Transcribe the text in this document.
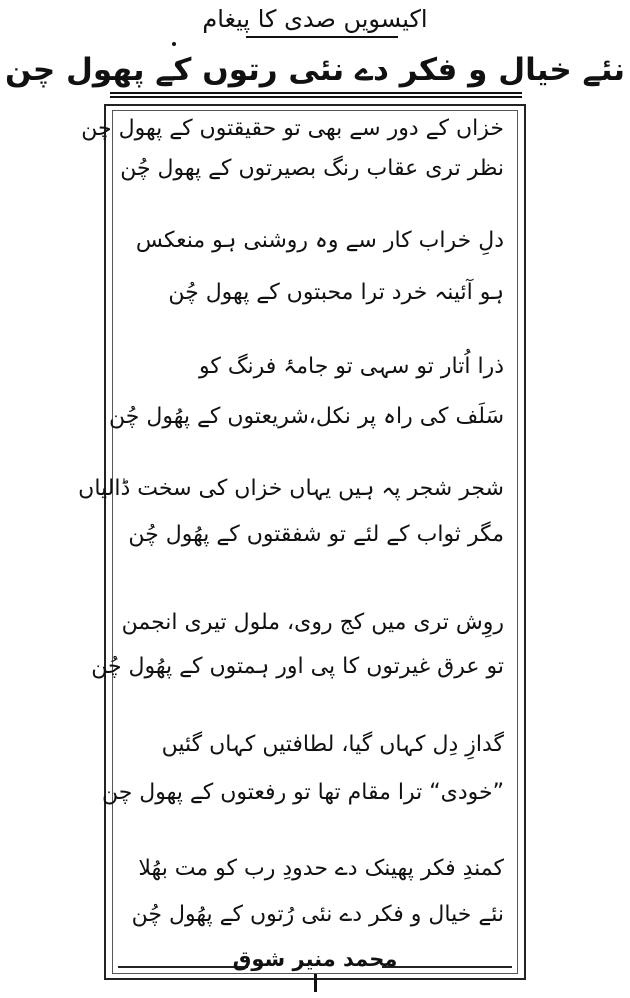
اکیسویں صدی کا پیغام
نئے خیال و فکر دے نئی رتوں کے پھول چن
خزاں کے دور سے بھی تو حقیقتوں کے پھول چن
نظر تری عقاب رنگ بصیرتوں کے پھول چُن
دلِ خراب کار سے وہ روشنی ہو منعکس
ہو آئینہ خرد ترا محبتوں کے پھول چُن
ذرا اُتار تو سہی تو جامۂ فرنگ کو
سَلَف کی راہ پر نکل،شریعتوں کے پھُول چُن
شجر شجر پہ ہیں یہاں خزاں کی سخت ڈالیاں
مگر ثواب کے لئے تو شفقتوں کے پھُول چُن
روِش تری میں کج روی، ملول تیری انجمن
تو عرق غیرتوں کا پی اور ہمتوں کے پھُول چُن
گدازِ دِل کہاں گیا، لطافتیں کہاں گئیں
”خودی“ ترا مقام تھا تو رفعتوں کے پھول چن
کمندِ فکر پھینک دے حدودِ رب کو مت بھُلا
نئے خیال و فکر دے نئی رُتوں کے پھُول چُن
محمد منیر شوق
